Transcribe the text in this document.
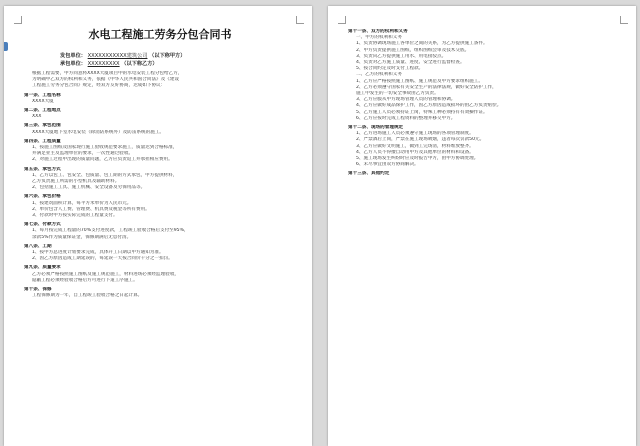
水电工程施工劳务分包合同书
发包单位： XXXXXXXXXXX建筑公司 （以下称甲方）
承包单位： XXXXXXXXX （以下称乙方）
根据工程需要，甲方同意将XXXX大厦项目中的水电安装工程分包给乙方，
为明确甲乙双方的权利和义务，依据《中华人民共和国合同法》及《建设
工程施工劳务分包合同》规定，经双方友好协商，达成如下协议：
第一条、工程名称
XXXX大厦
第二条、工程地点
XXX
第三条、承包范围
XXXX大厦地下室水电安装（除消防系统外）及防雷系统的施工。
第四条、工程质量
1、按施工图纸及国家现行施工验收规范要求施工，质量达到合格标准，
并满足业主及监理单位的要求，一次性通过验收。
2、对施工过程中出现的质量问题，乙方应负责返工并承担相应费用。
第五条、承包方式
1、乙方以包工、包安全、包质量、包工期的方式承包，甲方提供材料，
乙方负责施工所需的小型机具及辅助材料。
2、包括施工工具、施工机械、安全设备及劳保用品等。
第六条、承包价格
1、按建筑面积计算，每平方米单价为人民币元。
2、单价包含人工费、管理费、机具费及税金等所有费用。
3、付款时甲方按实际完成的工程量支付。
第七条、付款方式
1、每月按完成工程量的70%支付进度款，工程竣工验收合格后支付至95%，
余款5%作为质量保证金，保修期满后无息付清。
第八条、工期
1、按甲方总进度计划要求完成，具体开工日期以甲方通知为准。
2、因乙方原因造成工期延误的，每延误一天按合同价千分之一扣罚。
第九条、质量要求
乙方必须严格按照施工图纸及施工规范施工，材料进场必须经监理验收，
隐蔽工程必须经验收合格后方可进行下道工序施工。
第十条、保修
工程保修期为一年，自工程竣工验收合格之日起计算。
第十一条、双方的权利和义务
一、甲方的权利和义务
1、负责协调现场施工各单位之间的关系，为乙方提供施工条件。
2、甲方负责提供施工图纸，组织图纸会审及技术交底。
3、负责向乙方提供施工用水、用电接驳点。
4、负责对乙方施工质量、进度、安全进行监督检查。
5、按合同约定及时支付工程款。
二、乙方的权利和义务
1、乙方应严格按照施工图纸、施工规范及甲方要求组织施工。
2、乙方必须遵守国家有关安全生产的法律法规，做好安全防护工作，
施工中发生的一切安全事故由乙方负责。
3、乙方应服从甲方现场管理人员的管理和协调。
4、乙方应做好成品保护工作，因乙方原因造成损坏的由乙方负责赔偿。
5、乙方施工人员必须持证上岗，特殊工种必须持有有效操作证。
6、乙方应按时完成工程资料的整理并移交甲方。
第十二条、现场的管理规定
1、乙方进场施工人员必须遵守施工现场的各项管理制度。
2、严禁酒后上岗，严禁在施工现场吸烟，违者每次罚款50元。
3、乙方应做好文明施工，做到工完场清，材料堆放整齐。
4、乙方人员不得擅自动用甲方及其他单位的材料和设备。
5、施工现场发生纠纷时应及时报告甲方，由甲方协调处理。
6、未尽事宜由双方协商解决。
第十三条、其他约定
